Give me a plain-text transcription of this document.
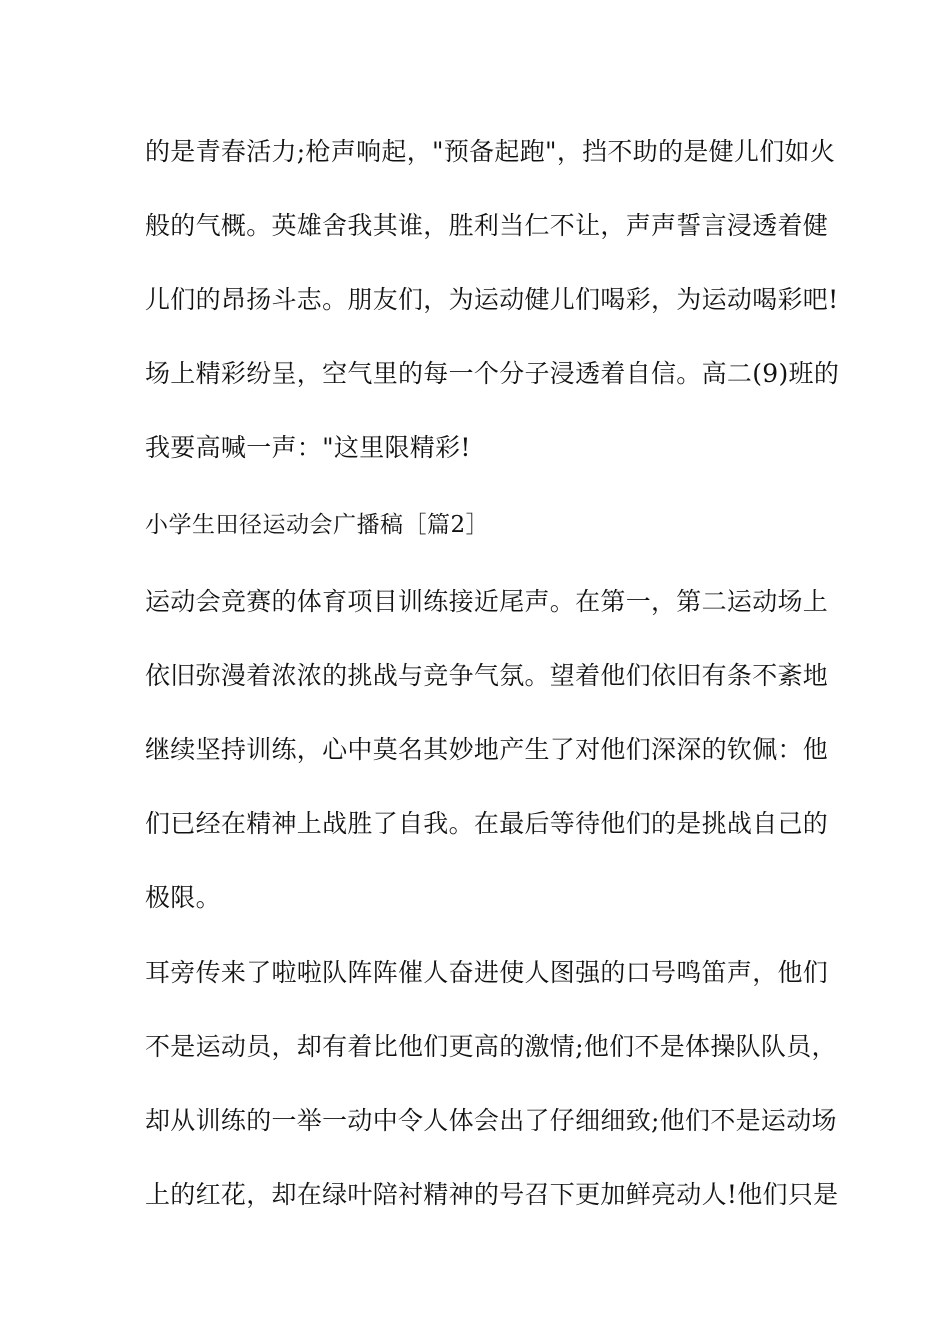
的是青春活力;枪声响起，"预备起跑"，挡不助的是健儿们如火
般的气概。英雄舍我其谁，胜利当仁不让，声声誓言浸透着健
儿们的昂扬斗志。朋友们，为运动健儿们喝彩，为运动喝彩吧!
场上精彩纷呈，空气里的每一个分子浸透着自信。高二(9)班的
我要高喊一声："这里限精彩!
小学生田径运动会广播稿［篇2］
运动会竞赛的体育项目训练接近尾声。在第一，第二运动场上
依旧弥漫着浓浓的挑战与竞争气氛。望着他们依旧有条不紊地
继续坚持训练，心中莫名其妙地产生了对他们深深的钦佩：他
们已经在精神上战胜了自我。在最后等待他们的是挑战自己的
极限。
耳旁传来了啦啦队阵阵催人奋进使人图强的口号鸣笛声，他们
不是运动员，却有着比他们更高的激情;他们不是体操队队员，
却从训练的一举一动中令人体会出了仔细细致;他们不是运动场
上的红花，却在绿叶陪衬精神的号召下更加鲜亮动人!他们只是
